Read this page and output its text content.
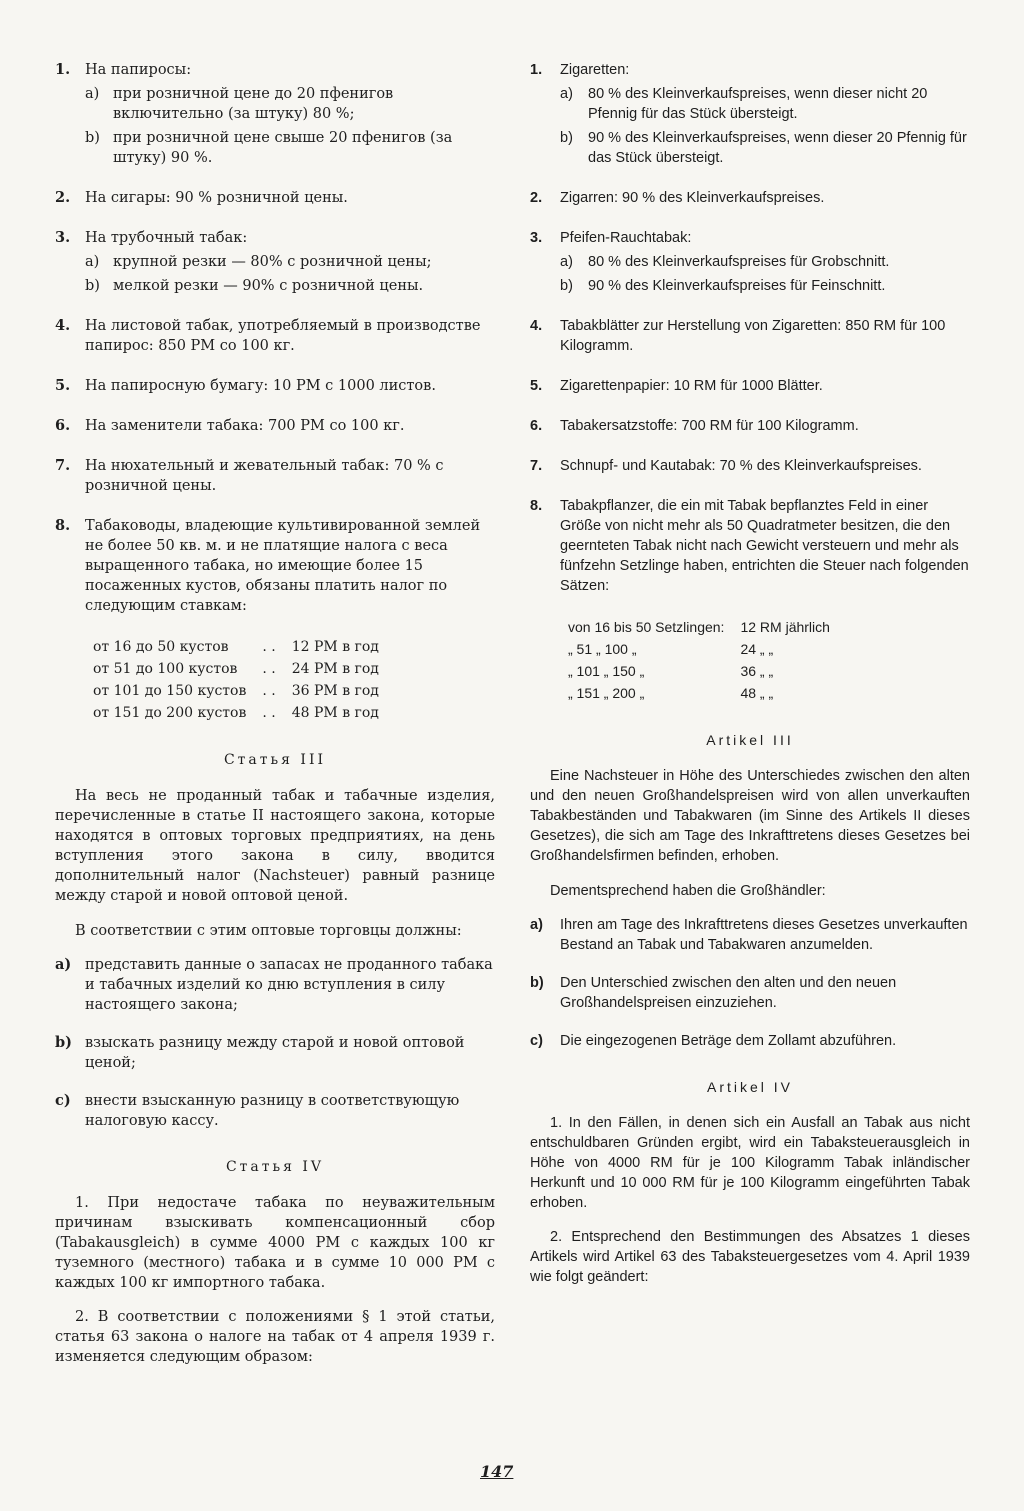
1. На папиросы:
a) при розничной цене до 20 пфенигов включительно (за штуку) 80 %;
b) при розничной цене свыше 20 пфенигов (за штуку) 90 %.
2. На сигары: 90 % розничной цены.
3. На трубочный табак:
a) крупной резки — 80% с розничной цены;
b) мелкой резки — 90% с розничной цены.
4. На листовой табак, употребляемый в производстве папирос: 850 РМ со 100 кг.
5. На папиросную бумагу: 10 РМ с 1000 листов.
6. На заменители табака: 700 РМ со 100 кг.
7. На нюхательный и жевательный табак: 70 % с розничной цены.
8. Табаководы, владеющие культивированной землей не более 50 кв. м. и не платящие налога с веса выращенного табака, но имеющие более 15 посаженных кустов, обязаны платить налог по следующим ставкам:
от 16 до 50 кустов	. .	12 РМ в год
от 51 до 100 кустов	. .	24 РМ в год
от 101 до 150 кустов	. .	36 РМ в год
от 151 до 200 кустов	. .	48 РМ в год
Статья III

На весь не проданный табак и табачные изделия, перечисленные в статье II настоящего закона, которые находятся в оптовых торговых предприятиях, на день вступления этого закона в силу, вводится дополнительный налог (Nachsteuer) равный разнице между старой и новой оптовой ценой.

В соответствии с этим оптовые торговцы должны:

a) представить данные о запасах не проданного табака и табачных изделий ко дню вступления в силу настоящего закона;
b) взыскать разницу между старой и новой оптовой ценой;
c) внести взысканную разницу в соответствующую налоговую кассу.
Статья IV

1. При недостаче табака по неуважительным причинам взыскивать компенсационный сбор (Tabakausgleich) в сумме 4000 РМ с каждых 100 кг туземного (местного) табака и в сумме 10 000 РМ с каждых 100 кг импортного табака.

2. В соответствии с положениями § 1 этой статьи, статья 63 закона о налоге на табак от 4 апреля 1939 г. изменяется следующим образом:

1. Zigaretten:
a) 80 % des Kleinverkaufspreises, wenn dieser nicht 20 Pfennig für das Stück übersteigt.
b) 90 % des Kleinverkaufspreises, wenn dieser 20 Pfennig für das Stück übersteigt.
2. Zigarren: 90 % des Kleinverkaufspreises.
3. Pfeifen-Rauchtabak:
a) 80 % des Kleinverkaufspreises für Grobschnitt.
b) 90 % des Kleinverkaufspreises für Feinschnitt.
4. Tabakblätter zur Herstellung von Zigaretten: 850 RM für 100 Kilogramm.
5. Zigarettenpapier: 10 RM für 1000 Blätter.
6. Tabakersatzstoffe: 700 RM für 100 Kilogramm.
7. Schnupf- und Kautabak: 70 % des Kleinverkaufspreises.
8. Tabakpflanzer, die ein mit Tabak bepflanztes Feld in einer Größe von nicht mehr als 50 Quadratmeter besitzen, die den geernteten Tabak nicht nach Gewicht versteuern und mehr als fünfzehn Setzlinge haben, entrichten die Steuer nach folgenden Sätzen:
von 16 bis 50 Setzlingen:	12 RM jährlich
„ 51 „ 100 „	24 „ „
„ 101 „ 150 „	36 „ „
„ 151 „ 200 „	48 „ „
Artikel III

Eine Nachsteuer in Höhe des Unterschiedes zwischen den alten und den neuen Großhandelspreisen wird von allen unverkauften Tabakbeständen und Tabakwaren (im Sinne des Artikels II dieses Gesetzes), die sich am Tage des Inkrafttretens dieses Gesetzes bei Großhandelsfirmen befinden, erhoben.

Dementsprechend haben die Großhändler:

a) Ihren am Tage des Inkrafttretens dieses Gesetzes unverkauften Bestand an Tabak und Tabakwaren anzumelden.
b) Den Unterschied zwischen den alten und den neuen Großhandelspreisen einzuziehen.
c) Die eingezogenen Beträge dem Zollamt abzuführen.
Artikel IV

1. In den Fällen, in denen sich ein Ausfall an Tabak aus nicht entschuldbaren Gründen ergibt, wird ein Tabaksteuerausgleich in Höhe von 4000 RM für je 100 Kilogramm Tabak inländischer Herkunft und 10 000 RM für je 100 Kilogramm eingeführten Tabak erhoben.

2. Entsprechend den Bestimmungen des Absatzes 1 dieses Artikels wird Artikel 63 des Tabaksteuergesetzes vom 4. April 1939 wie folgt geändert:

147
